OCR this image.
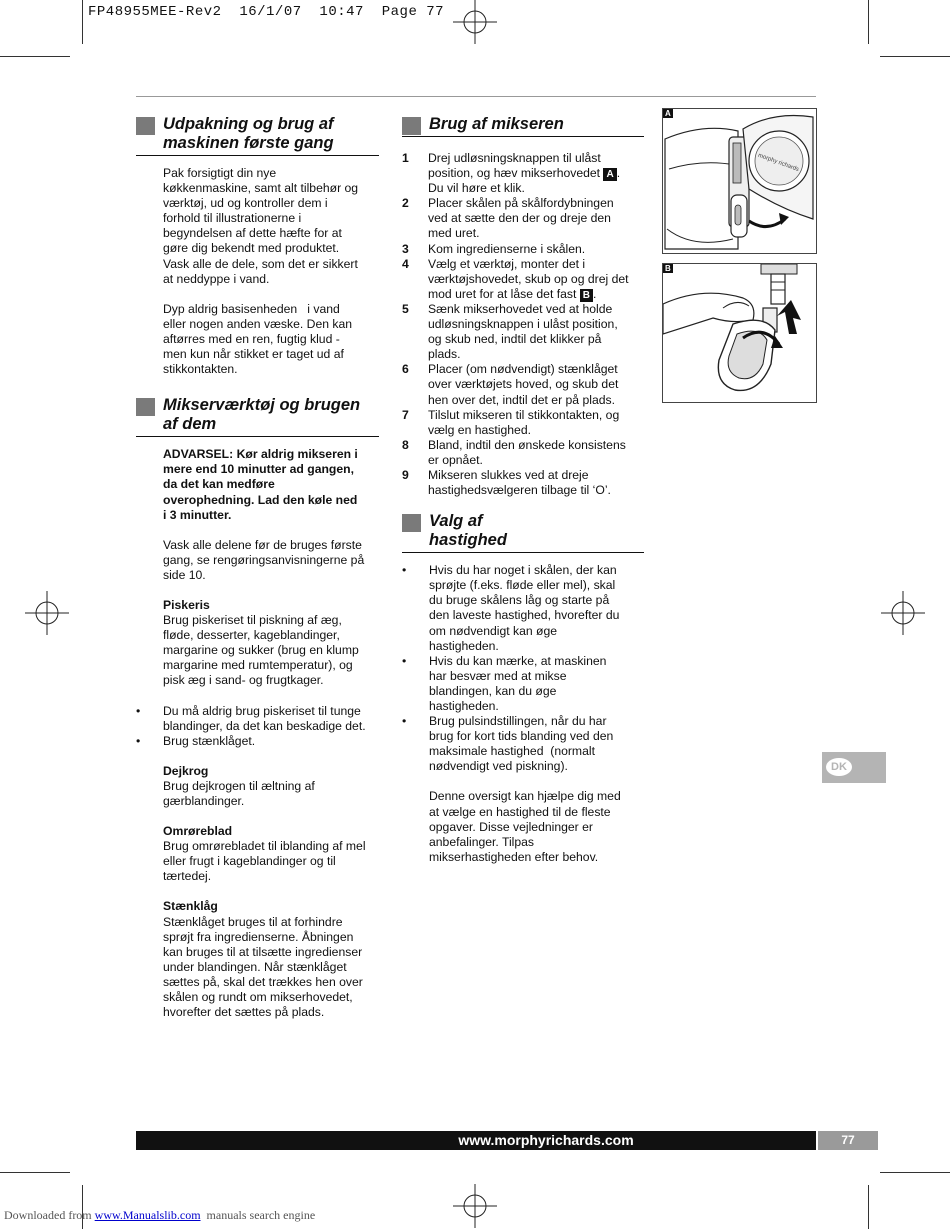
FP48955MEE-Rev2  16/1/07  10:47  Page 77
Udpakning og brug af
maskinen første gang
Pak forsigtigt din nye
køkkenmaskine, samt alt tilbehør og
værktøj, ud og kontroller dem i
forhold til illustrationerne i
begyndelsen af dette hæfte for at
gøre dig bekendt med produktet.
Vask alle de dele, som det er sikkert
at neddyppe i vand.
Dyp aldrig basisenheden   i vand
eller nogen anden væske. Den kan
aftørres med en ren, fugtig klud -
men kun når stikket er taget ud af
stikkontakten.
Mikserværktøj og brugen
af dem
ADVARSEL: Kør aldrig mikseren i
mere end 10 minutter ad gangen,
da det kan medføre
overophedning. Lad den køle ned
i 3 minutter.
Vask alle delene før de bruges første
gang, se rengøringsanvisningerne på
side 10.
Piskeris
Brug piskeriset til piskning af æg,
fløde, desserter, kageblandinger,
margarine og sukker (brug en klump
margarine med rumtemperatur), og
pisk æg i sand- og frugtkager.
• Du må aldrig brug piskeriset til tunge
blandinger, da det kan beskadige det.
• Brug stænklåget.
Dejkrog
Brug dejkrogen til æltning af
gærblandinger.
Omrøreblad
Brug omrørebladet til iblanding af mel
eller frugt i kageblandinger og til
tærtedej.
Stænklåg
Stænklåget bruges til at forhindre
sprøjt fra ingredienserne. Åbningen
kan bruges til at tilsætte ingredienser
under blandingen. Når stænklåget
sættes på, skal det trækkes hen over
skålen og rundt om mikserhovedet,
hvorefter det sættes på plads.
Brug af mikseren
1 Drej udløsningsknappen til ulåst
position, og hæv mikserhovedet A .
Du vil høre et klik.
2 Placer skålen på skålfordybningen
ved at sætte den der og dreje den
med uret.
3 Kom ingredienserne i skålen.
4 Vælg et værktøj, monter det i
værktøjshovedet, skub op og drej det
mod uret for at låse det fast B .
5 Sænk mikserhovedet ved at holde
udløsningsknappen i ulåst position,
og skub ned, indtil det klikker på
plads.
6 Placer (om nødvendigt) stænklåget
over værktøjets hoved, og skub det
hen over det, indtil det er på plads.
7 Tilslut mikseren til stikkontakten, og
vælg en hastighed.
8 Bland, indtil den ønskede konsistens
er opnået.
9 Mikseren slukkes ved at dreje
hastighedsvælgeren tilbage til ‘O’.
Valg af
hastighed
• Hvis du har noget i skålen, der kan
sprøjte (f.eks. fløde eller mel), skal
du bruge skålens låg og starte på
den laveste hastighed, hvorefter du
om nødvendigt kan øge
hastigheden.
• Hvis du kan mærke, at maskinen
har besvær med at mikse
blandingen, kan du øge
hastigheden.
• Brug pulsindstillingen, når du har
brug for kort tids blanding ved den
maksimale hastighed  (normalt
nødvendigt ved piskning).
Denne oversigt kan hjælpe dig med
at vælge en hastighed til de fleste
opgaver. Disse vejledninger er
anbefalinger. Tilpas
mikserhastigheden efter behov.
A
morphy richards
B
DK
www.morphyrichards.com	77
Downloaded from www.Manualslib.com  manuals search engine
